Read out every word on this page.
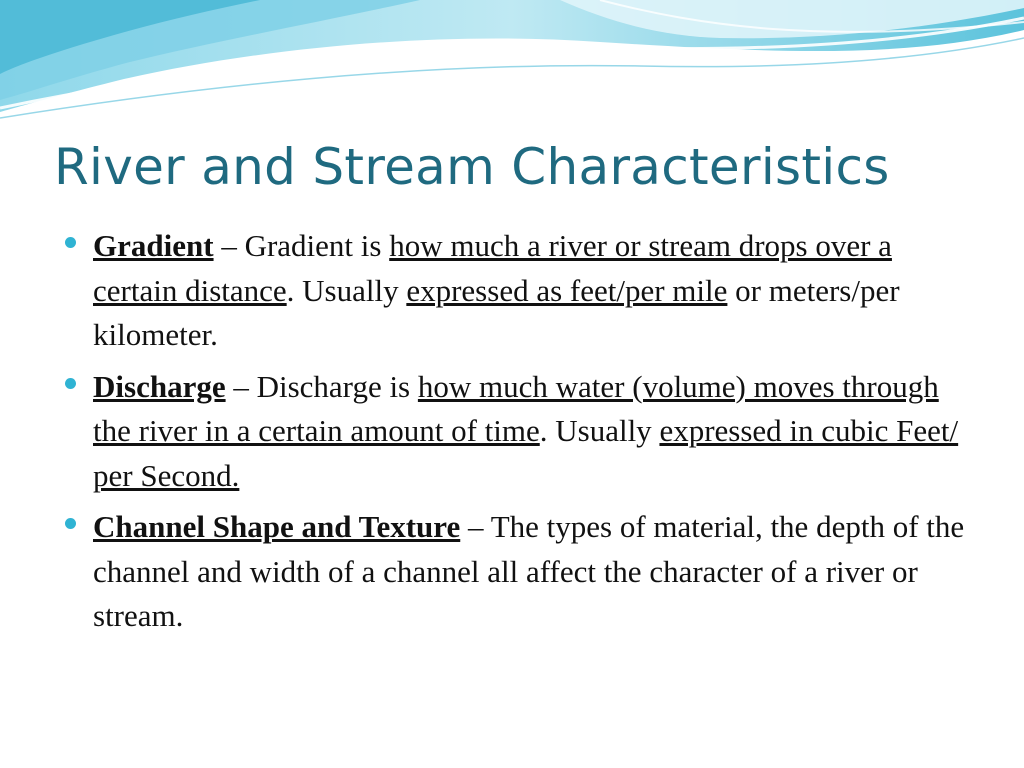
River and Stream Characteristics
Gradient – Gradient is how much a river or stream drops over a certain distance. Usually expressed as feet/per mile or meters/per kilometer.
Discharge – Discharge is how much water (volume) moves through the river in a certain amount of time. Usually expressed in cubic Feet/ per Second.
Channel Shape and Texture – The types of material, the depth of the channel and width of a channel all affect the character of a river or stream.
